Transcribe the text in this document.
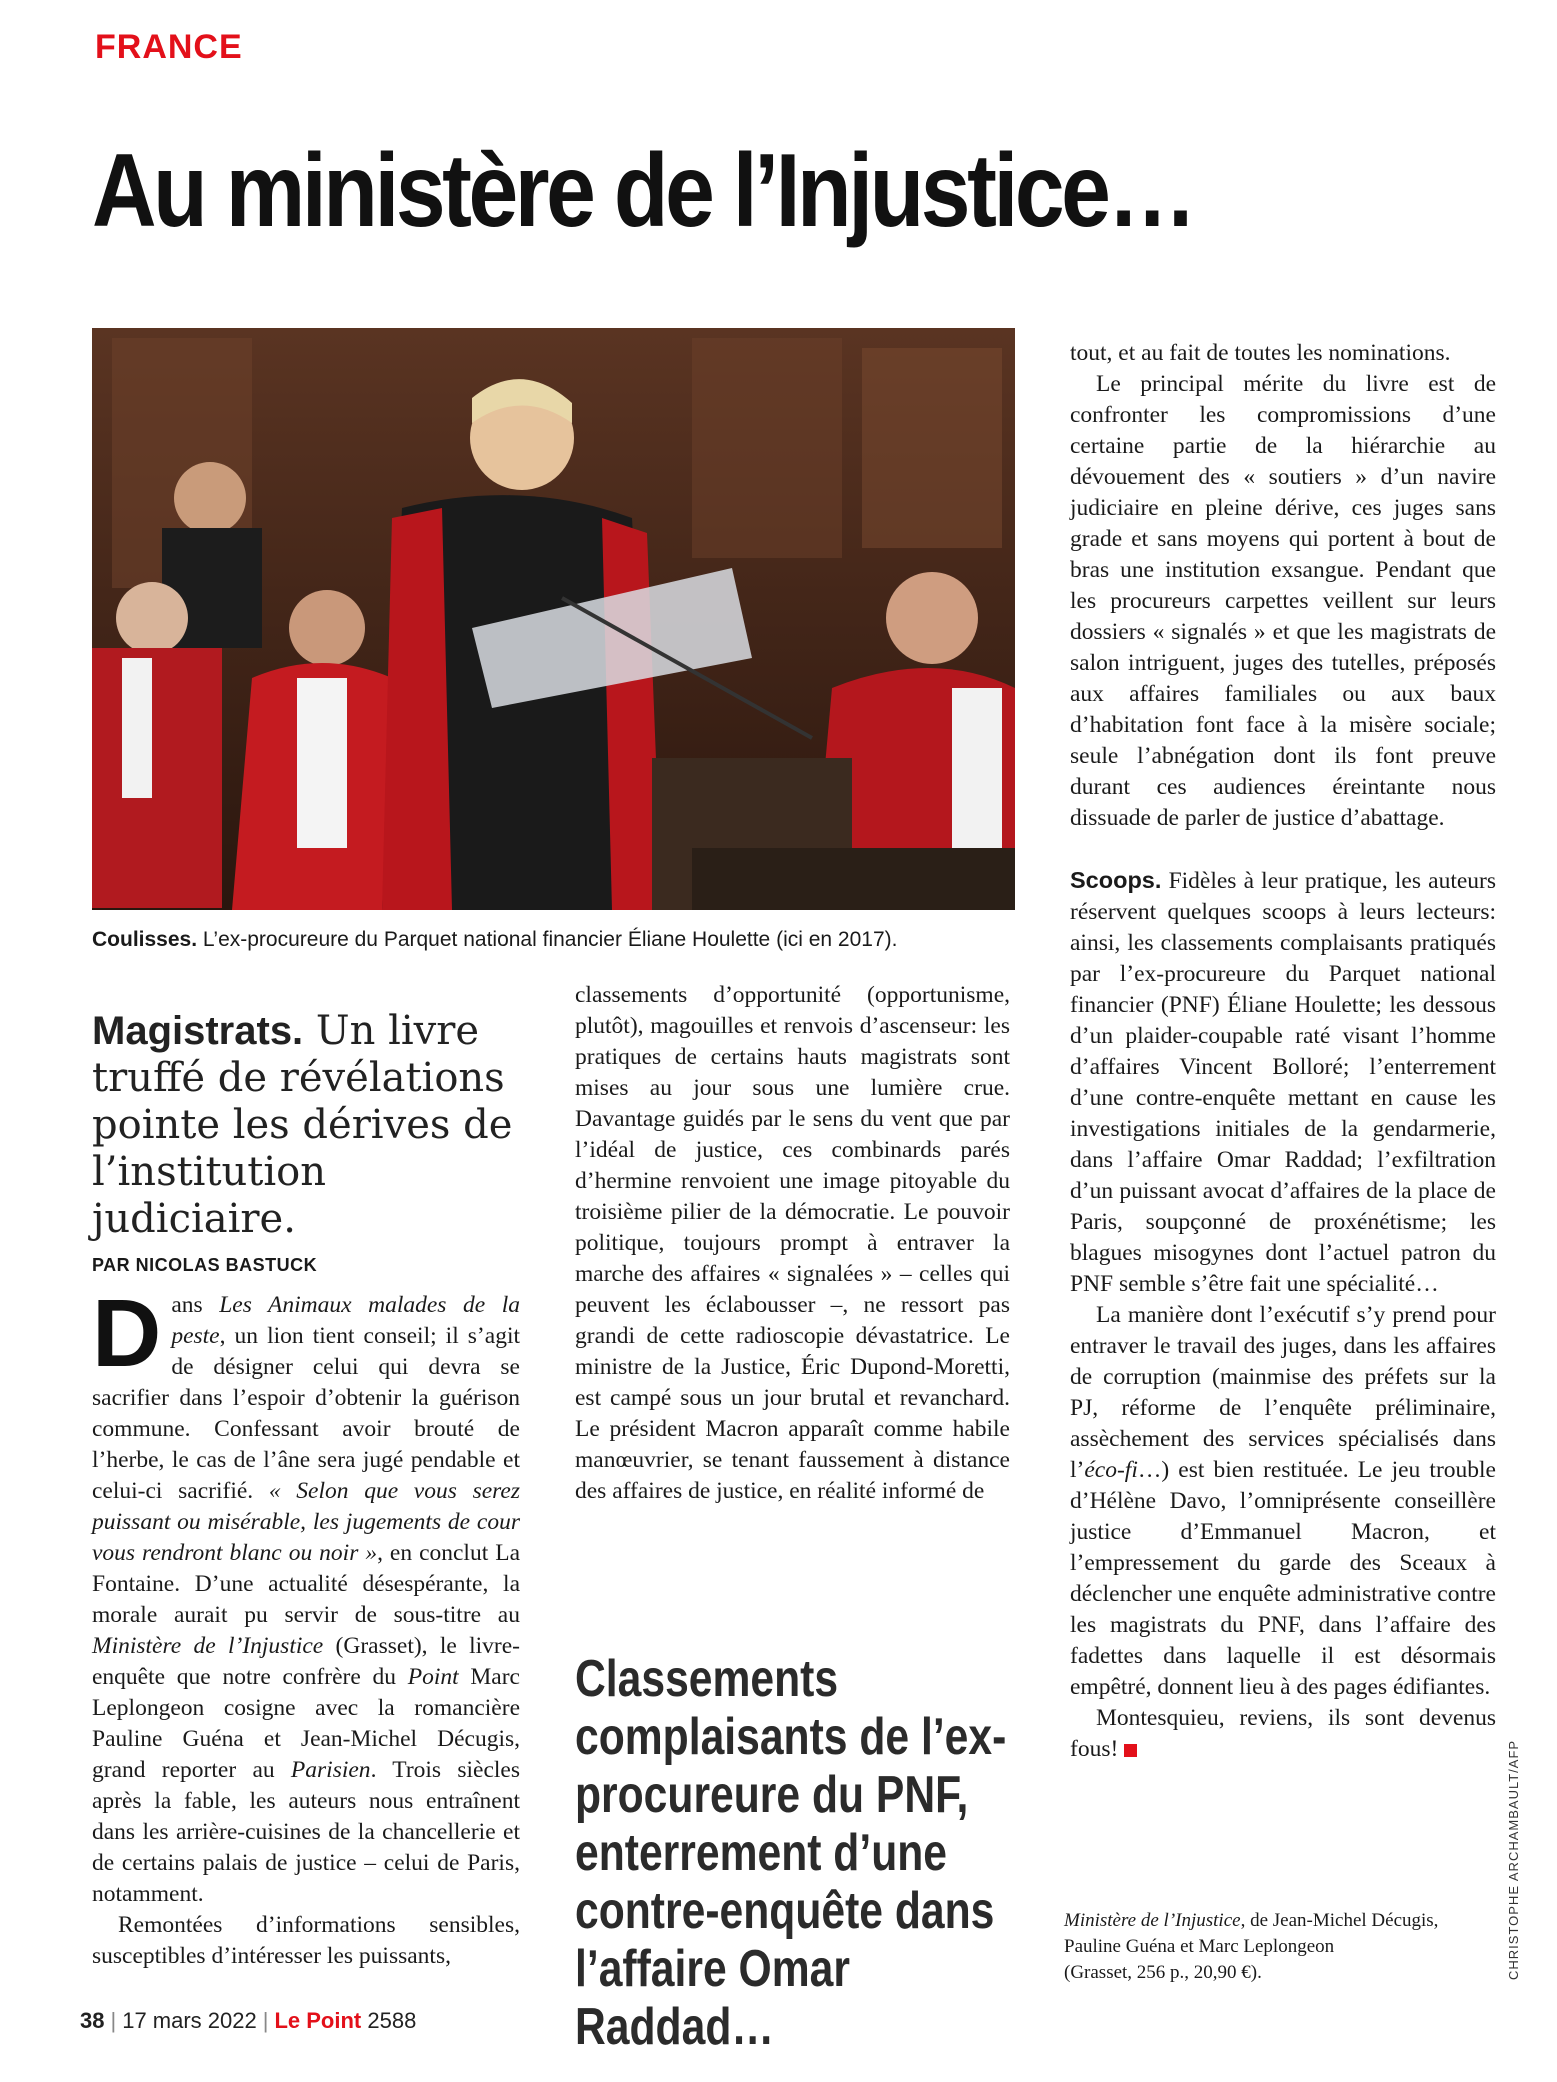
FRANCE
Au ministère de l’Injustice…
Coulisses. L’ex-procureure du Parquet national financier Éliane Houlette (ici en 2017).
Magistrats. Un livre truffé de révélations pointe les dérives de l’institution judiciaire.
PAR NICOLAS BASTUCK

Dans Les Animaux malades de la peste, un lion tient conseil; il s’agit de désigner celui qui devra se sacrifier dans l’espoir d’obtenir la guérison commune. Confessant avoir brouté de l’herbe, le cas de l’âne sera jugé pendable et celui-ci sacrifié. « Selon que vous serez puissant ou misérable, les jugements de cour vous rendront blanc ou noir », en conclut La Fontaine. D’une actualité désespérante, la morale aurait pu servir de sous-titre au Ministère de l’Injustice (Grasset), le livre-enquête que notre confrère du Point Marc Leplongeon cosigne avec la romancière Pauline Guéna et Jean-Michel Décugis, grand reporter au Parisien. Trois siècles après la fable, les auteurs nous entraînent dans les arrière-cuisines de la chancellerie et de certains palais de justice – celui de Paris, notamment.

Remontées d’informations sensibles, susceptibles d’intéresser les puissants,

classements d’opportunité (opportunisme, plutôt), magouilles et renvois d’ascenseur: les pratiques de certains hauts magistrats sont mises au jour sous une lumière crue. Davantage guidés par le sens du vent que par l’idéal de justice, ces combinards parés d’hermine renvoient une image pitoyable du troisième pilier de la démocratie. Le pouvoir politique, toujours prompt à entraver la marche des affaires « signalées » – celles qui peuvent les éclabousser –, ne ressort pas grandi de cette radioscopie dévastatrice. Le ministre de la Justice, Éric Dupond-Moretti, est campé sous un jour brutal et revanchard. Le président Macron apparaît comme habile manœuvrier, se tenant faussement à distance des affaires de justice, en réalité informé de

Classements complaisants de l’ex-procureure du PNF, enterrement d’une contre-enquête dans l’affaire Omar Raddad…

tout, et au fait de toutes les nominations.

Le principal mérite du livre est de confronter les compromissions d’une certaine partie de la hiérarchie au dévouement des « soutiers » d’un navire judiciaire en pleine dérive, ces juges sans grade et sans moyens qui portent à bout de bras une institution exsangue. Pendant que les procureurs carpettes veillent sur leurs dossiers « signalés » et que les magistrats de salon intriguent, juges des tutelles, préposés aux affaires familiales ou aux baux d’habitation font face à la misère sociale; seule l’abnégation dont ils font preuve durant ces audiences éreintante nous dissuade de parler de justice d’abattage.

Scoops. Fidèles à leur pratique, les auteurs réservent quelques scoops à leurs lecteurs: ainsi, les classements complaisants pratiqués par l’ex-procureure du Parquet national financier (PNF) Éliane Houlette; les dessous d’un plaider-coupable raté visant l’homme d’affaires Vincent Bolloré; l’enterrement d’une contre-enquête mettant en cause les investigations initiales de la gendarmerie, dans l’affaire Omar Raddad; l’exfiltration d’un puissant avocat d’affaires de la place de Paris, soupçonné de proxénétisme; les blagues misogynes dont l’actuel patron du PNF semble s’être fait une spécialité…

La manière dont l’exécutif s’y prend pour entraver le travail des juges, dans les affaires de corruption (mainmise des préfets sur la PJ, réforme de l’enquête préliminaire, assèchement des services spécialisés dans l’éco-fi…) est bien restituée. Le jeu trouble d’Hélène Davo, l’omniprésente conseillère justice d’Emmanuel Macron, et l’empressement du garde des Sceaux à déclencher une enquête administrative contre les magistrats du PNF, dans l’affaire des fadettes dans laquelle il est désormais empêtré, donnent lieu à des pages édifiantes.

Montesquieu, reviens, ils sont devenus fous!

Ministère de l’Injustice, de Jean-Michel Décugis,
Pauline Guéna et Marc Leplongeon
(Grasset, 256 p., 20,90 €).	CHRISTOPHE ARCHAMBAULT/AFP
38 | 17 mars 2022 | Le Point 2588
